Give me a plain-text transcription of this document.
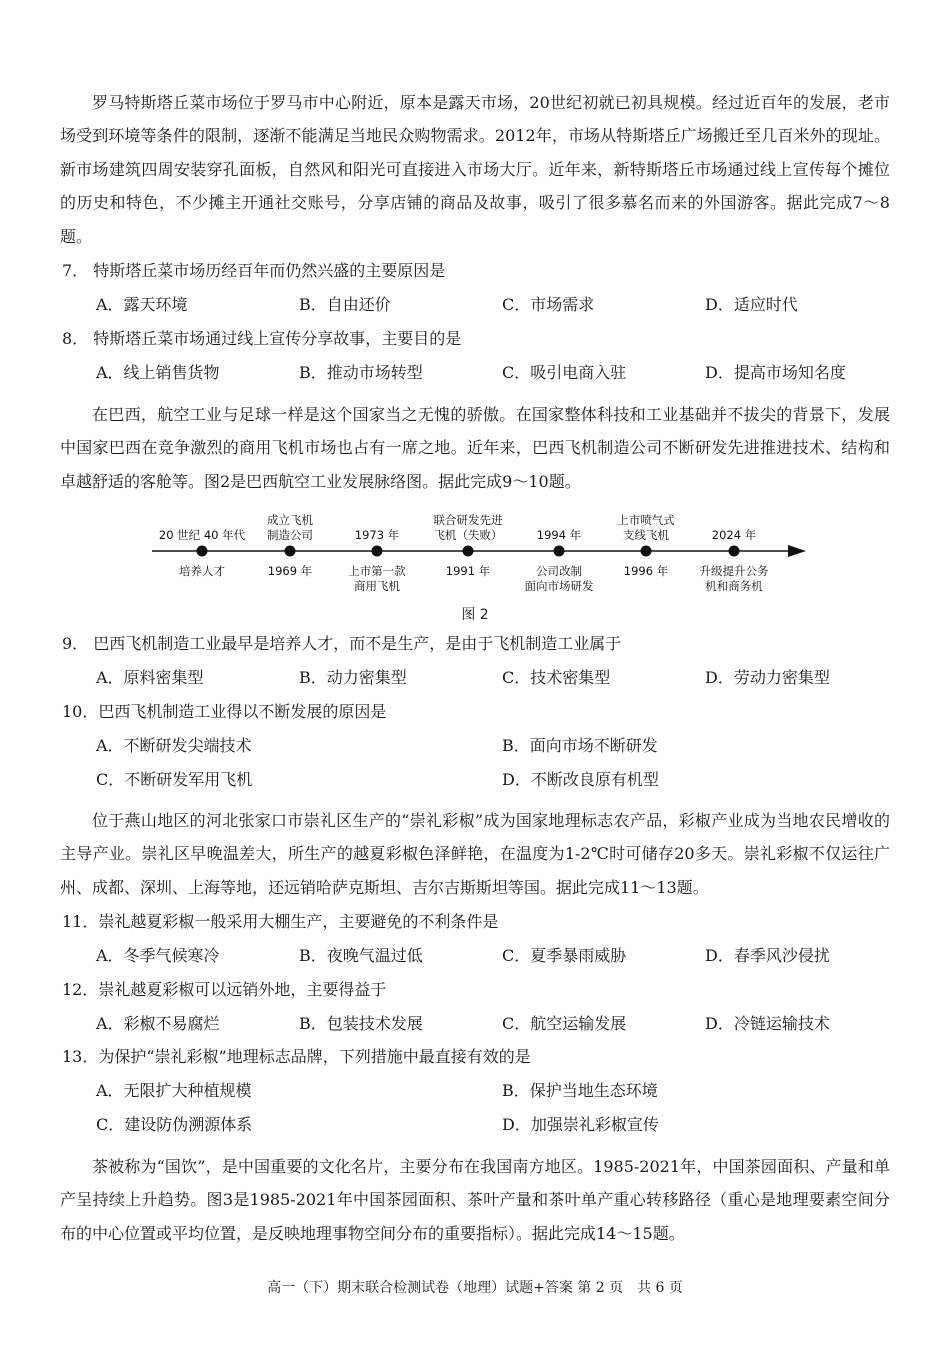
罗马特斯塔丘菜市场位于罗马市中心附近，原本是露天市场，20世纪初就已初具规模。经过近百年的发展，老市场受到环境等条件的限制，逐渐不能满足当地民众购物需求。2012年，市场从特斯塔丘广场搬迁至几百米外的现址。新市场建筑四周安装穿孔面板，自然风和阳光可直接进入市场大厅。近年来，新特斯塔丘市场通过线上宣传每个摊位的历史和特色，不少摊主开通社交账号，分享店铺的商品及故事，吸引了很多慕名而来的外国游客。据此完成7～8题。

7． 特斯塔丘菜市场历经百年而仍然兴盛的主要原因是

A．露天环境	B．自由还价	C．市场需求	D．适应时代

8． 特斯塔丘菜市场通过线上宣传分享故事，主要目的是

A．线上销售货物	B．推动市场转型	C．吸引电商入驻	D．提高市场知名度

在巴西，航空工业与足球一样是这个国家当之无愧的骄傲。在国家整体科技和工业基础并不拔尖的背景下，发展中国家巴西在竞争激烈的商用飞机市场也占有一席之地。近年来，巴西飞机制造公司不断研发先进推进技术、结构和卓越舒适的客舱等。图2是巴西航空工业发展脉络图。据此完成9～10题。

20 世纪 40 年代
培养人才
成立飞机
制造公司
1969 年
1973 年
上市第一款
商用飞机
联合研发先进
飞机（失败）
1991 年
1994 年
公司改制
面向市场研发
上市喷气式
支线飞机
1996 年
2024 年
升级提升公务
机和商务机
图 2

9． 巴西飞机制造工业最早是培养人才，而不是生产，是由于飞机制造工业属于

A．原料密集型	B．动力密集型	C．技术密集型	D．劳动力密集型

10．巴西飞机制造工业得以不断发展的原因是

A．不断研发尖端技术	B．面向市场不断研发
C．不断研发军用飞机	D．不断改良原有机型

位于燕山地区的河北张家口市崇礼区生产的“崇礼彩椒”成为国家地理标志农产品，彩椒产业成为当地农民增收的主导产业。崇礼区早晚温差大，所生产的越夏彩椒色泽鲜艳，在温度为1-2℃时可储存20多天。崇礼彩椒不仅运往广州、成都、深圳、上海等地，还远销哈萨克斯坦、吉尔吉斯斯坦等国。据此完成11～13题。

11．崇礼越夏彩椒一般采用大棚生产，主要避免的不利条件是

A．冬季气候寒冷	B．夜晚气温过低	C．夏季暴雨威胁	D．春季风沙侵扰

12．崇礼越夏彩椒可以远销外地，主要得益于

A．彩椒不易腐烂	B．包装技术发展	C．航空运输发展	D．冷链运输技术

13．为保护“崇礼彩椒”地理标志品牌，下列措施中最直接有效的是

A．无限扩大种植规模	B．保护当地生态环境
C．建设防伪溯源体系	D．加强崇礼彩椒宣传

茶被称为“国饮”，是中国重要的文化名片，主要分布在我国南方地区。1985-2021年，中国茶园面积、产量和单产呈持续上升趋势。图3是1985-2021年中国茶园面积、茶叶产量和茶叶单产重心转移路径（重心是地理要素空间分布的中心位置或平均位置，是反映地理事物空间分布的重要指标）。据此完成14～15题。

高一（下）期末联合检测试卷（地理）试题+答案 第 2 页　共 6 页
